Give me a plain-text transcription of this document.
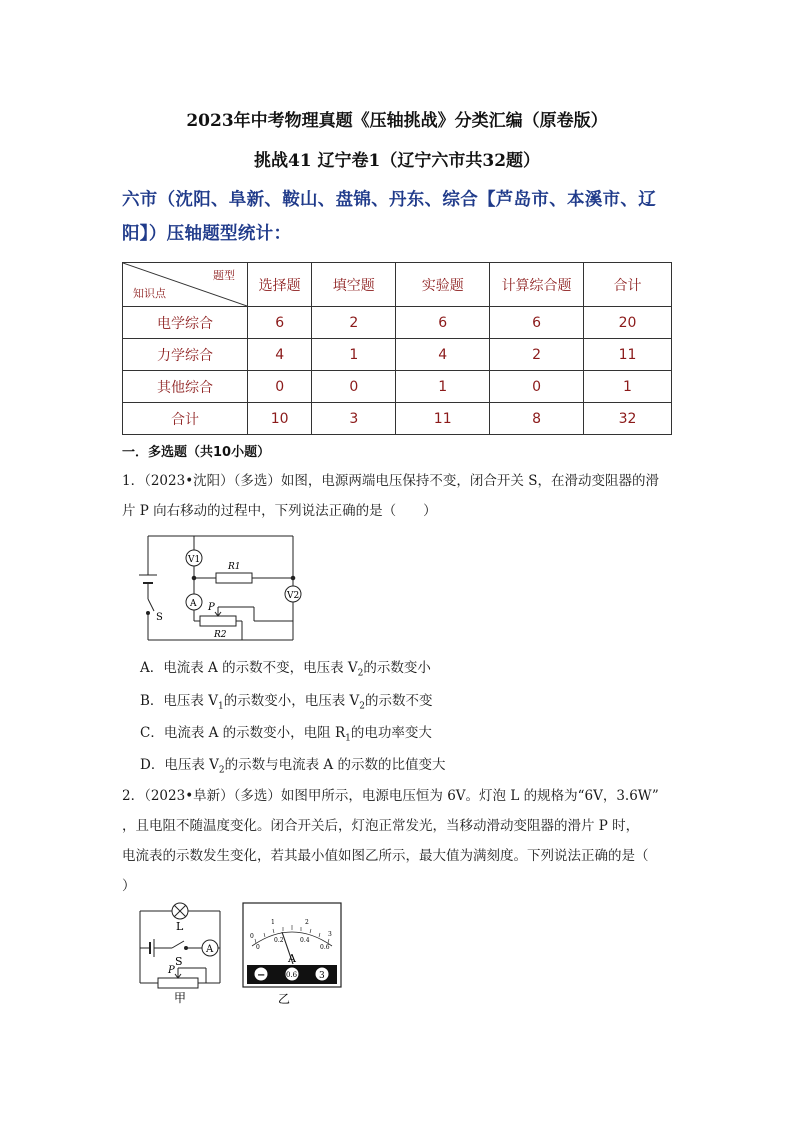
2023年中考物理真题《压轴挑战》分类汇编（原卷版）
挑战41 辽宁卷1（辽宁六市共32题）
六市（沈阳、阜新、鞍山、盘锦、丹东、综合【芦岛市、本溪市、辽
阳】）压轴题型统计：
题型
知识点	选择题	填空题	实验题	计算综合题	合计
电学综合	6	2	6	6	20
力学综合	4	1	4	2	11
其他综合	0	0	1	0	1
合计	10	3	11	8	32
一．多选题（共10小题）
1．（2023•沈阳）（多选）如图，电源两端电压保持不变，闭合开关 S，在滑动变阻器的滑
片 P 向右移动的过程中，下列说法正确的是（　　）
V1
A
V2
R1
R2
P
S
A．电流表 A 的示数不变，电压表 $V_2$的示数变小
B．电压表 $V_1$的示数变小，电压表 $V_2$的示数不变
C．电流表 A 的示数变小，电阻 $R_1$的电功率变大
D．电压表 $V_2$的示数与电流表 A 的示数的比值变大
2．（2023•阜新）（多选）如图甲所示，电源电压恒为 6V。灯泡 L 的规格为“6V，3.6W”
，且电阻不随温度变化。闭合开关后，灯泡正常发光，当移动滑动变阻器的滑片 P 时，
电流表的示数发生变化，若其最小值如图乙所示，最大值为满刻度。下列说法正确的是（
）
L
S
A
P
甲
0
1	2
3
0
0.2	0.4
0.6
A
−	0.6 3
乙
